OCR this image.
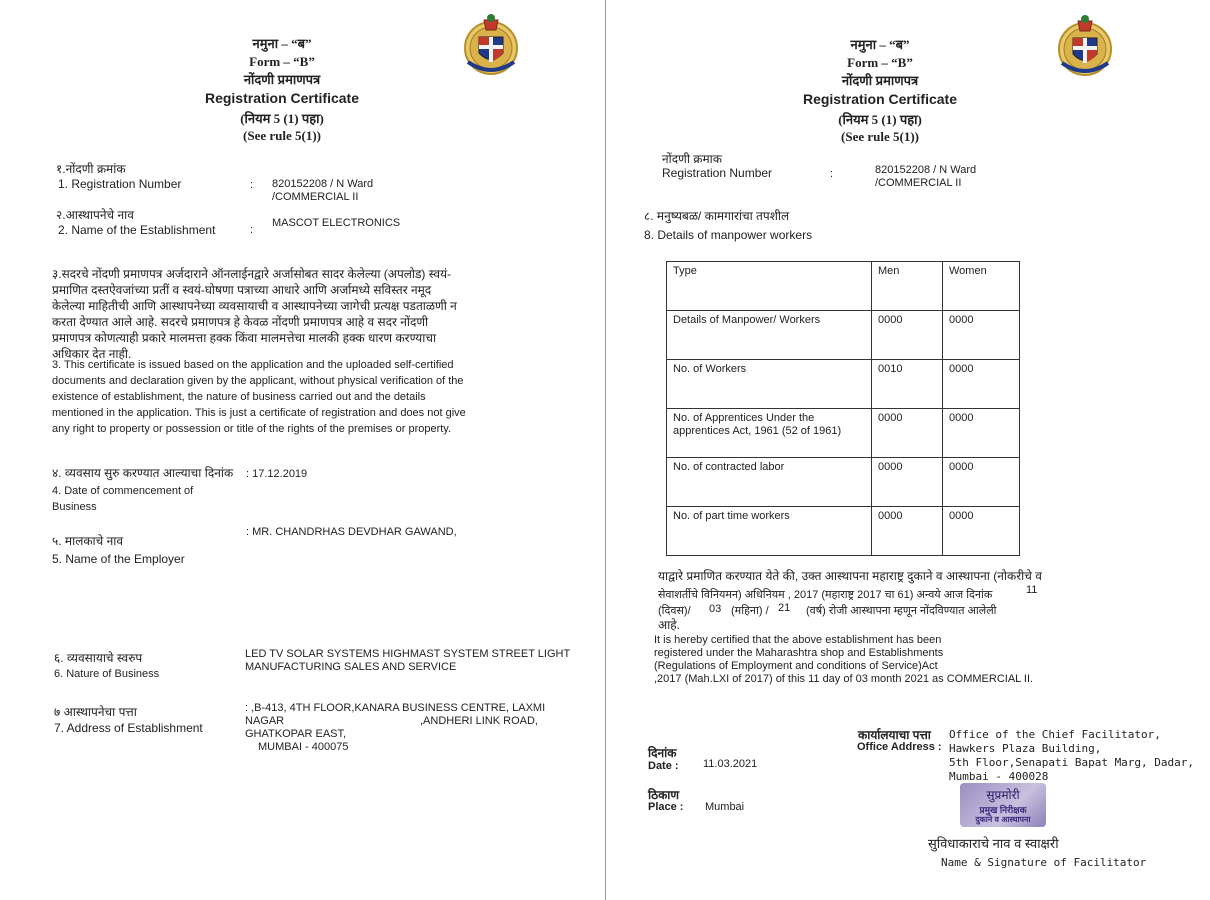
नमुना – “ब”
Form – “B”
नोंदणी प्रमाणपत्र
Registration Certificate
(नियम 5 (1) पहा)
(See rule 5(1))
१.नोंदणी क्रमांक
1. Registration Number	: 820152208 / N Ward /COMMERCIAL II
२.आस्थापनेचे नाव
2. Name of the Establishment	:
MASCOT ELECTRONICS
३.सदरचे नोंदणी प्रमाणपत्र अर्जदाराने ऑनलाईनद्वारे अर्जासोबत सादर केलेल्या (अपलोड) स्वयं-प्रमाणित दस्तऐवजांच्या प्रतीं व स्वयं-घोषणा पत्राच्या आधारे आणि अर्जामध्ये सविस्तर नमूद केलेल्या माहितीची आणि आस्थापनेच्या व्यवसायाची व आस्थापनेच्या जागेची प्रत्यक्ष पडताळणी न करता देण्यात आले आहे. सदरचे प्रमाणपत्र हे केवळ नोंदणी प्रमाणपत्र आहे व सदर नोंदणी प्रमाणपत्र कोणत्याही प्रकारे मालमत्ता हक्क किंवा मालमत्तेचा मालकी हक्क धारण करण्याचा अधिकार देत नाही.
3. This certificate is issued based on the application and the uploaded self-certified documents and declaration given by the applicant, without physical verification of the existence of establishment, the nature of business carried out and the details mentioned in the application. This is just a certificate of registration and does not give any right to property or possession or title of the rights of the premises or property.
४. व्यवसाय सुरु करण्यात आल्याचा दिनांक
4. Date of commencement of Business
: 17.12.2019
५. मालकाचे नाव
5. Name of the Employer
: MR. CHANDRHAS DEVDHAR GAWAND,
६. व्यवसायाचे स्वरुप
6. Nature of Business
LED TV SOLAR SYSTEMS HIGHMAST SYSTEM STREET LIGHT MANUFACTURING SALES AND SERVICE
७ आस्थापनेचा पत्ता
7. Address of Establishment
: ,B-413, 4TH FLOOR,KANARA BUSINESS CENTRE, LAXMI
NAGAR	,ANDHERI LINK ROAD,
GHATKOPAR EAST,
MUMBAI - 400075
नमुना – “ब”
Form – “B”
नोंदणी प्रमाणपत्र
Registration Certificate
(नियम 5 (1) पहा)
(See rule 5(1))
नोंदणी क्रमाक
Registration Number	:	820152208 / N Ward /COMMERCIAL II
८. मनुष्यबळ/ कामगारांचा तपशील
8. Details of manpower workers
Type	Men	Women
Details of Manpower/ Workers	0000	0000
No. of Workers	0010	0000
No. of Apprentices Under the apprentices Act, 1961 (52 of 1961)	0000	0000
No. of contracted labor	0000	0000
No. of part time workers	0000	0000
याद्वारे प्रमाणित करण्यात येते की, उक्त आस्थापना महाराष्ट्र दुकाने व आस्थापना (नोकरीचे व
सेवाशर्तीचे विनियमन) अधिनियम , 2017 (महाराष्ट्र 2017 चा 61) अन्वये आज दिनांक	11
(दिवस)/ 03 (महिना) / 21 (वर्ष) रोजी आस्थापना म्हणून नोंदविण्यात आलेली
आहे.
It is hereby certified that the above establishment has been
registered under the Maharashtra shop and Establishments
(Regulations of Employment and conditions of Service)Act
,2017 (Mah.LXI of 2017) of this 11 day of 03 month 2021 as COMMERCIAL II.
कार्यालयाचा पत्ता
Office Address :
Office of the Chief Facilitator,
Hawkers Plaza Building,
5th Floor,Senapati Bapat Marg, Dadar,
Mumbai - 400028
दिनांक
Date : 11.03.2021
ठिकाण
Place : Mumbai
सुप्रमोरी
प्रमुख निरीक्षक
दुकाने व आस्थापना
सुविधाकाराचे नाव व स्वाक्षरी
Name & Signature of Facilitator
